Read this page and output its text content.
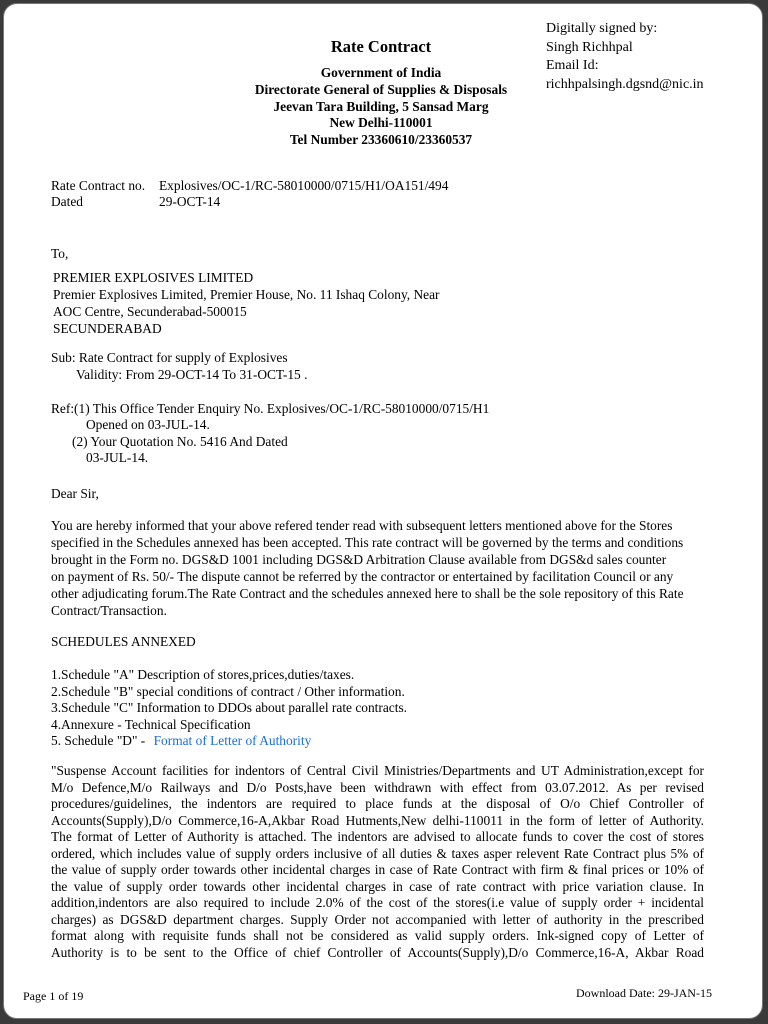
Digitally signed by:
Singh Richhpal
Email Id:
richhpalsingh.dgsnd@nic.in
Rate Contract
Government of India
Directorate General of Supplies & Disposals
Jeevan Tara Building, 5 Sansad Marg
New Delhi-110001
Tel Number 23360610/23360537
Rate Contract no. Explosives/OC-1/RC-58010000/0715/H1/OA151/494
Dated	29-OCT-14
To,
PREMIER EXPLOSIVES LIMITED
Premier Explosives Limited, Premier House, No. 11 Ishaq Colony, Near
AOC Centre, Secunderabad-500015
SECUNDERABAD
Sub: Rate Contract for supply of Explosives
Validity: From 29-OCT-14 To 31-OCT-15 .
Ref:(1) This Office Tender Enquiry No. Explosives/OC-1/RC-58010000/0715/H1
Opened on 03-JUL-14.
(2) Your Quotation No. 5416 And Dated
03-JUL-14.
Dear Sir,
You are hereby informed that your above refered tender read with subsequent letters mentioned above for the Stores
specified in the Schedules annexed has been accepted. This rate contract will be governed by the terms and conditions
brought in the Form no. DGS&D 1001 including DGS&D Arbitration Clause available from DGS&d sales counter
on payment of Rs. 50/- The dispute cannot be referred by the contractor or entertained by facilitation Council or any
other adjudicating forum.The Rate Contract and the schedules annexed here to shall be the sole repository of this Rate
Contract/Transaction.
SCHEDULES ANNEXED
1.Schedule "A" Description of stores,prices,duties/taxes.
2.Schedule "B" special conditions of contract / Other information.
3.Schedule "C" Information to DDOs about parallel rate contracts.
4.Annexure - Technical Specification
5. Schedule "D" - Format of Letter of Authority
"Suspense Account facilities for indentors of Central Civil Ministries/Departments and UT Administration,except for
M/o Defence,M/o Railways and D/o Posts,have been withdrawn with effect from 03.07.2012. As per revised
procedures/guidelines, the indentors are required to place funds at the disposal of O/o Chief Controller of
Accounts(Supply),D/o Commerce,16-A,Akbar Road Hutments,New delhi-110011 in the form of letter of Authority.
The format of Letter of Authority is attached. The indentors are advised to allocate funds to cover the cost of stores
ordered, which includes value of supply orders inclusive of all duties & taxes asper relevent Rate Contract plus 5% of
the value of supply order towards other incidental charges in case of Rate Contract with firm & final prices or 10% of
the value of supply order towards other incidental charges in case of rate contract with price variation clause. In
addition,indentors are also required to include 2.0% of the cost of the stores(i.e value of supply order + incidental
charges) as DGS&D department charges. Supply Order not accompanied with letter of authority in the prescribed
format along with requisite funds shall not be considered as valid supply orders. Ink-signed copy of Letter of
Authority is to be sent to the Office of chief Controller of Accounts(Supply),D/o Commerce,16-A, Akbar Road
Page 1 of 19	Download Date: 29-JAN-15
